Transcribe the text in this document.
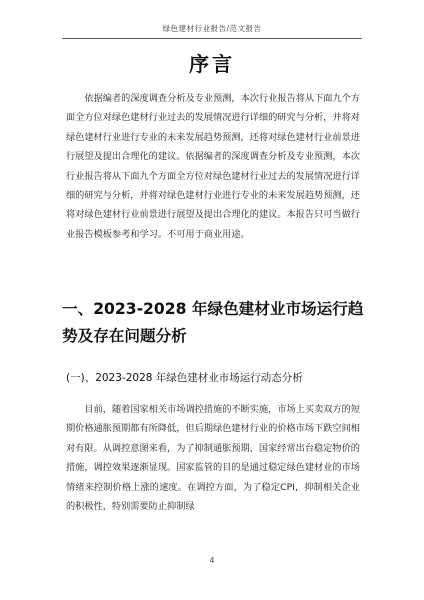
绿色建材行业报告/范文报告
序言

依据编者的深度调查分析及专业预测，本次行业报告将从下面九个方面全方位对绿色建材行业过去的发展情况进行详细的研究与分析，并将对绿色建材行业进行专业的未来发展趋势预测，还将对绿色建材行业前景进行展望及提出合理化的建议。依据编者的深度调查分析及专业预测，本次行业报告将从下面九个方面全方位对绿色建材行业过去的发展情况进行详细的研究与分析，并将对绿色建材行业进行专业的未来发展趋势预测，还将对绿色建材行业前景进行展望及提出合理化的建议。本报告只可当做行业报告模板参考和学习。不可用于商业用途。

一、2023-2028 年绿色建材业市场运行趋势及存在问题分析
(一)、2023-2028 年绿色建材业市场运行动态分析

目前，随着国家相关市场调控措施的不断实施，市场上买卖双方的短期价格通胀预期都有所降低，但后期绿色建材行业的价格市场下跌空间相对有限。从调控意图来看，为了抑制通胀预期，国家经常出台稳定物价的措施，调控效果逐渐显现。国家监管的目的是通过稳定绿色建材业的市场情绪来控制价格上涨的速度。在调控方面，为了稳定CPI，抑制相关企业的积极性，特别需要防止抑制绿

4
